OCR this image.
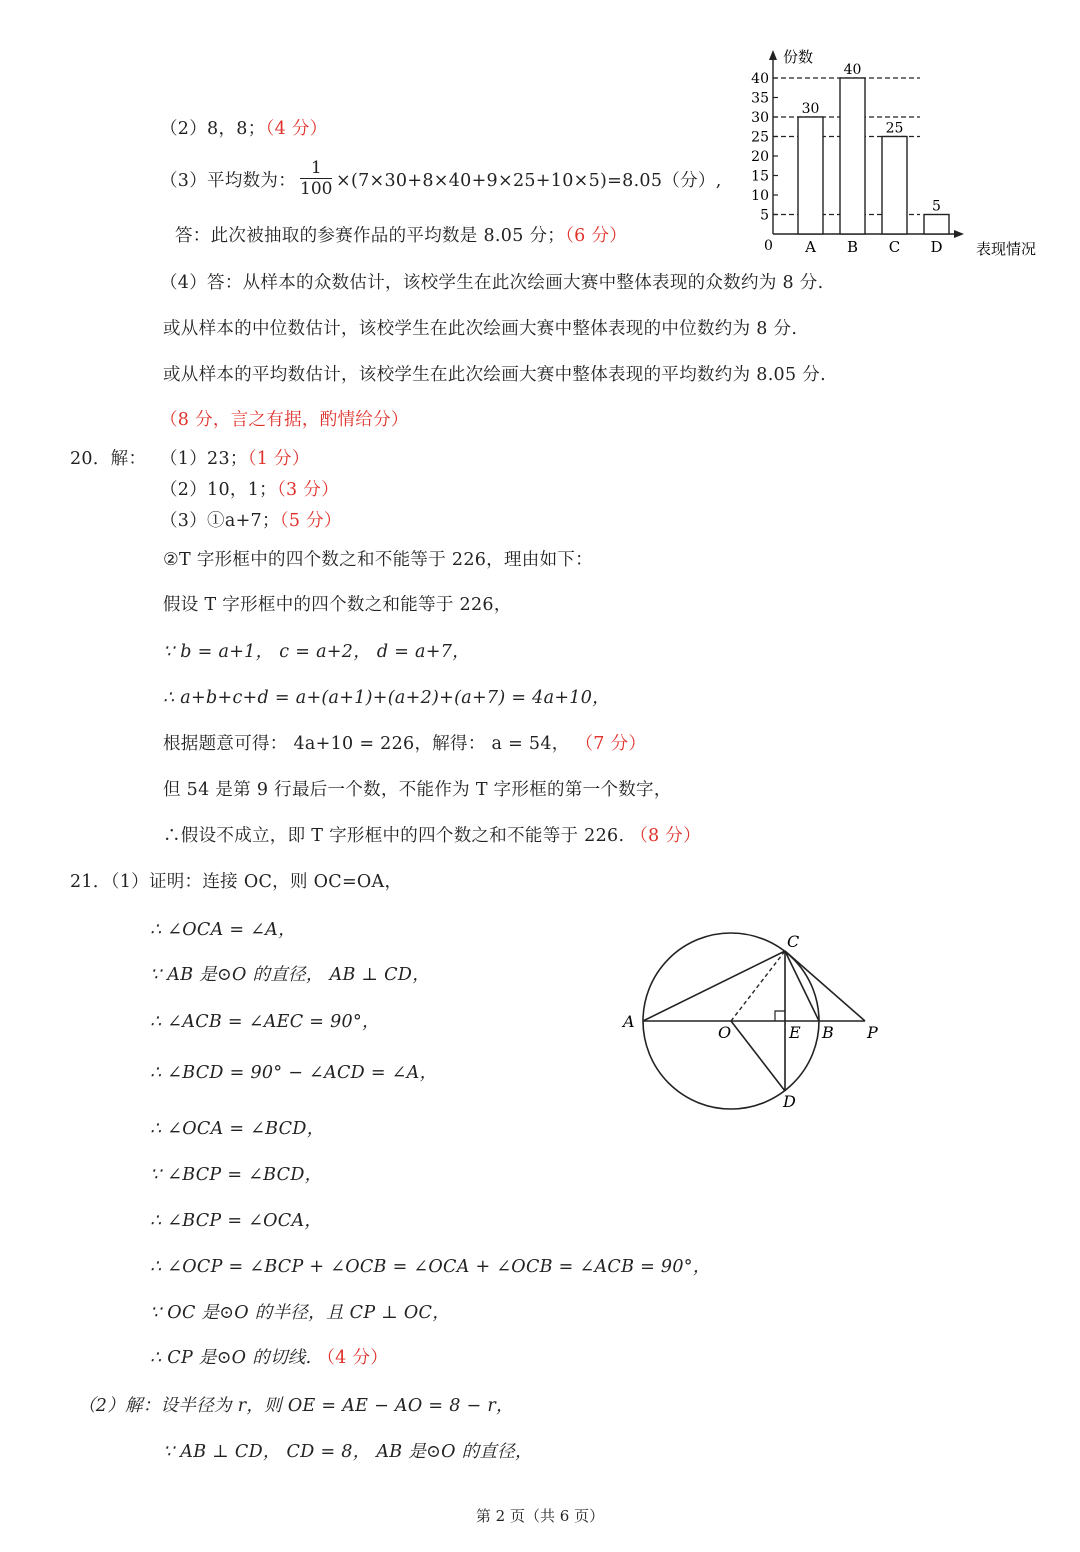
份数
表现情况
0
5
10
15
20
25
30
35
40
30
A
40
B
25
C
5
D
（2）8，8；（4 分）
（3）平均数为： $\frac{1}{100} \times(7\times 30+8\times 40+9\times 25+10\times 5)=8.05$（分）,
答：此次被抽取的参赛作品的平均数是 8.05 分；（6 分）
（4）答：从样本的众数估计，该校学生在此次绘画大赛中整体表现的众数约为 8 分.
或从样本的中位数估计，该校学生在此次绘画大赛中整体表现的中位数约为 8 分.
或从样本的平均数估计，该校学生在此次绘画大赛中整体表现的平均数约为 8.05 分.
（8 分，言之有据，酌情给分）
20．解： （1）23；（1 分）
（2）10，1；（3 分）
（3）①a+7；（5 分）
②T 字形框中的四个数之和不能等于 226，理由如下：
假设 T 字形框中的四个数之和能等于 226，
∵ b = a+1， c = a+2， d = a+7，
∴ a+b+c+d = a+(a+1)+(a+2)+(a+7) = 4a+10，
根据题意可得： 4a+10 = 226，解得： a = 54， （7 分）
但 54 是第 9 行最后一个数，不能作为 T 字形框的第一个数字，
∴假设不成立，即 T 字形框中的四个数之和不能等于 226. （8 分）
21．（1）证明：连接 OC，则 OC=OA，
∴ ∠OCA = ∠A，
∵ AB 是⊙O 的直径， AB ⊥ CD，
∴ ∠ACB = ∠AEC = 90°，
∴ ∠BCD = 90° − ∠ACD = ∠A，
∴ ∠OCA = ∠BCD，
∵ ∠BCP = ∠BCD，
∴ ∠BCP = ∠OCA，
∴ ∠OCP = ∠BCP + ∠OCB = ∠OCA + ∠OCB = ∠ACB = 90°，
∵ OC 是⊙O 的半径，且 CP ⊥ OC，
∴ CP 是⊙O 的切线. （4 分）
（2）解：设半径为 r，则 OE = AE − AO = 8 − r，
∵ AB ⊥ CD， CD = 8， AB 是⊙O 的直径，
A
O	E B P
C
D
第 2 页（共 6 页）
